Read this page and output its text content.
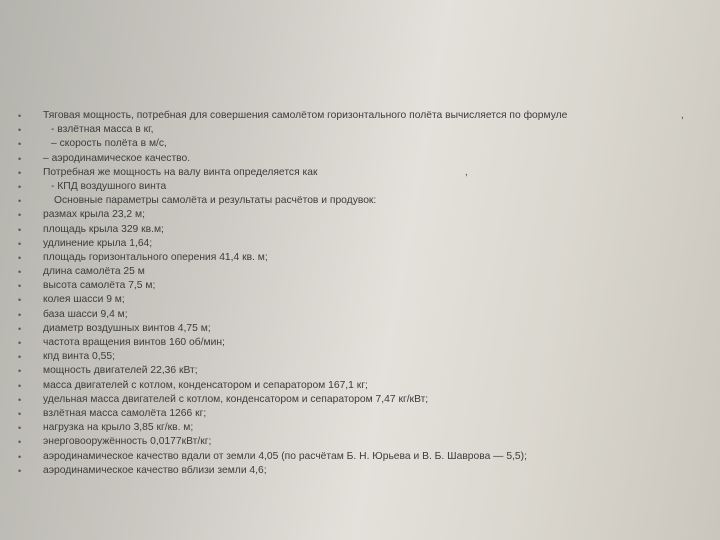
•	Тяговая мощность, потребная для совершения самолётом горизонтального полёта вычисляется по формуле	,
•	- взлётная масса в кг,
•	– скорость полёта в м/с,
•	– аэродинамическое качество.
•	Потребная же мощность на валу винта определяется как	,
•	- КПД воздушного винта
•	Основные параметры самолёта и результаты расчётов и продувок:
•	размах крыла 23,2 м;
•	площадь крыла 329 кв.м;
•	удлинение крыла 1,64;
•	площадь горизонтального оперения 41,4 кв. м;
•	длина самолёта 25 м
•	высота самолёта 7,5 м;
•	колея шасси 9 м;
•	база шасси 9,4 м;
•	диаметр воздушных винтов 4,75 м;
•	частота вращения винтов 160 об/мин;
•	кпд винта 0,55;
•	мощность двигателей 22,36 кВт;
•	масса двигателей с котлом, конденсатором и сепаратором 167,1 кг;
•	удельная масса двигателей с котлом, конденсатором и сепаратором 7,47 кг/кВт;
•	взлётная масса самолёта 1266 кг;
•	нагрузка на крыло 3,85 кг/кв. м;
•	энерговооружённость 0,0177кВт/кг;
•	аэродинамическое качество вдали от земли 4,05 (по расчётам Б. Н. Юрьева и В. Б. Шаврова — 5,5);
•	аэродинамическое качество вблизи земли 4,6;
